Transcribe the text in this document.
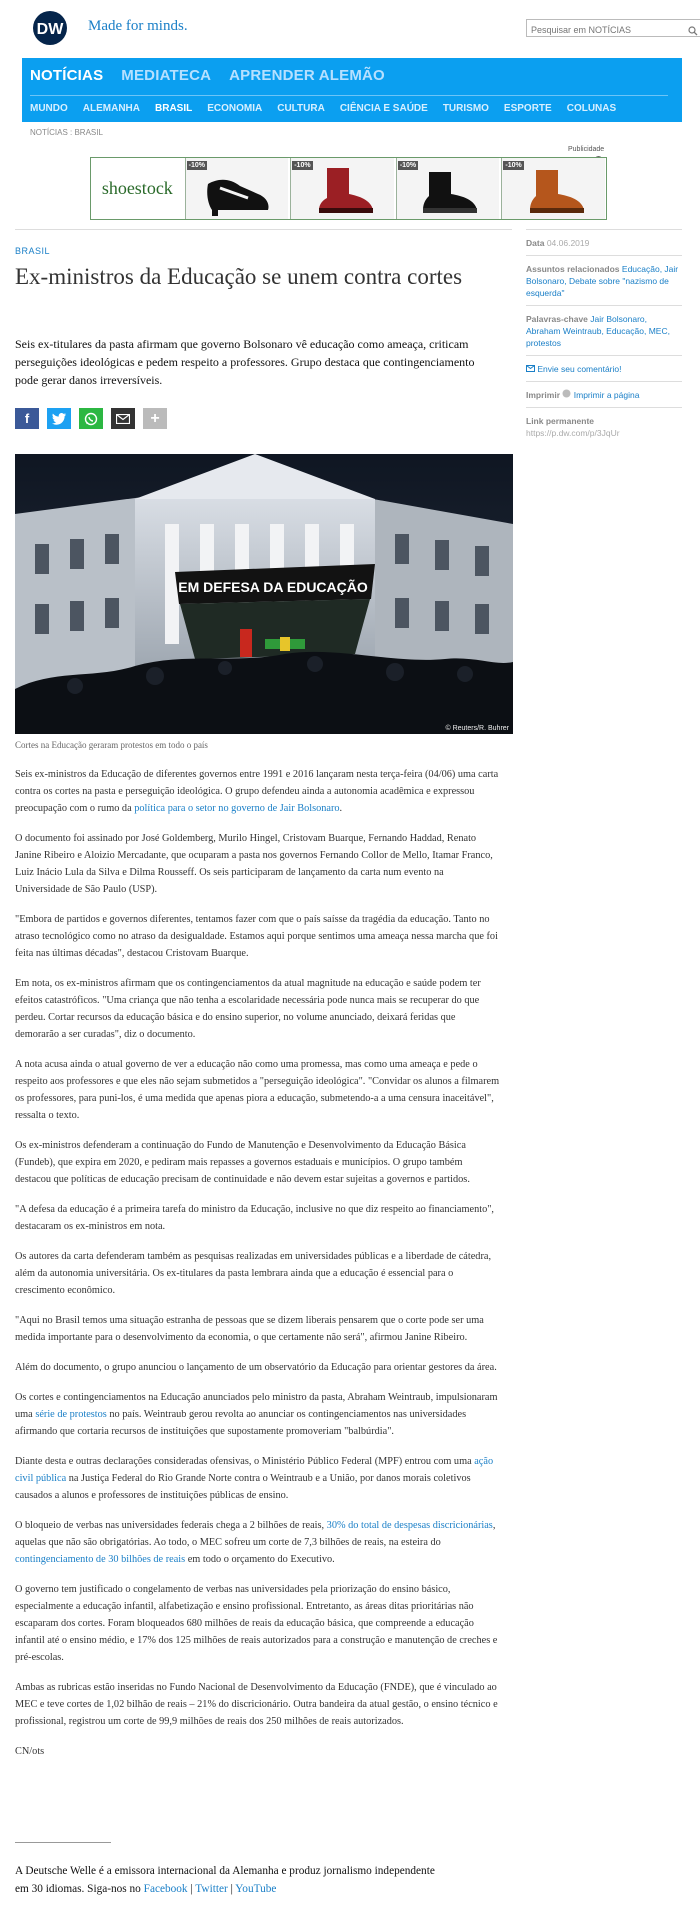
DW Made for minds.
Pesquisar em NOTÍCIAS
NOTÍCIAS MEDIATECA APRENDER ALEMÃO
MUNDO ALEMANHA BRASIL ECONOMIA CULTURA CIÊNCIA E SAÚDE TURISMO ESPORTE COLUNAS
NOTÍCIAS : BRASIL
Publicidade
shoestock
-10%	-10%	-10%	-10%
BRASIL
Ex-ministros da Educação se unem contra cortes
Seis ex-titulares da pasta afirmam que governo Bolsonaro vê educação como ameaça, criticam perseguições ideológicas e pedem respeito a professores. Grupo destaca que contingenciamento pode gerar danos irreversíveis.
f	+
EM DEFESA DA EDUCAÇÃO
© Reuters/R. Buhrer
Cortes na Educação geraram protestos em todo o país

Seis ex-ministros da Educação de diferentes governos entre 1991 e 2016 lançaram nesta terça-feira (04/06) uma carta contra os cortes na pasta e perseguição ideológica. O grupo defendeu ainda a autonomia acadêmica e expressou preocupação com o rumo da política para o setor no governo de Jair Bolsonaro.

O documento foi assinado por José Goldemberg, Murilo Hingel, Cristovam Buarque, Fernando Haddad, Renato Janine Ribeiro e Aloizio Mercadante, que ocuparam a pasta nos governos Fernando Collor de Mello, Itamar Franco, Luiz Inácio Lula da Silva e Dilma Rousseff. Os seis participaram de lançamento da carta num evento na Universidade de São Paulo (USP).

"Embora de partidos e governos diferentes, tentamos fazer com que o país saísse da tragédia da educação. Tanto no atraso tecnológico como no atraso da desigualdade. Estamos aqui porque sentimos uma ameaça nessa marcha que foi feita nas últimas décadas", destacou Cristovam Buarque.

Em nota, os ex-ministros afirmam que os contingenciamentos da atual magnitude na educação e saúde podem ter efeitos catastróficos. "Uma criança que não tenha a escolaridade necessária pode nunca mais se recuperar do que perdeu. Cortar recursos da educação básica e do ensino superior, no volume anunciado, deixará feridas que demorarão a ser curadas", diz o documento.

A nota acusa ainda o atual governo de ver a educação não como uma promessa, mas como uma ameaça e pede o respeito aos professores e que eles não sejam submetidos a "perseguição ideológica". "Convidar os alunos a filmarem os professores, para puni-los, é uma medida que apenas piora a educação, submetendo-a a uma censura inaceitável", ressalta o texto.

Os ex-ministros defenderam a continuação do Fundo de Manutenção e Desenvolvimento da Educação Básica (Fundeb), que expira em 2020, e pediram mais repasses a governos estaduais e municípios. O grupo também destacou que políticas de educação precisam de continuidade e não devem estar sujeitas a governos e partidos.

"A defesa da educação é a primeira tarefa do ministro da Educação, inclusive no que diz respeito ao financiamento", destacaram os ex-ministros em nota.

Os autores da carta defenderam também as pesquisas realizadas em universidades públicas e a liberdade de cátedra, além da autonomia universitária. Os ex-titulares da pasta lembrara ainda que a educação é essencial para o crescimento econômico.

"Aqui no Brasil temos uma situação estranha de pessoas que se dizem liberais pensarem que o corte pode ser uma medida importante para o desenvolvimento da economia, o que certamente não será", afirmou Janine Ribeiro.

Além do documento, o grupo anunciou o lançamento de um observatório da Educação para orientar gestores da área.

Os cortes e contingenciamentos na Educação anunciados pelo ministro da pasta, Abraham Weintraub, impulsionaram uma série de protestos no país. Weintraub gerou revolta ao anunciar os contingenciamentos nas universidades afirmando que cortaria recursos de instituições que supostamente promoveriam "balbúrdia".

Diante desta e outras declarações consideradas ofensivas, o Ministério Público Federal (MPF) entrou com uma ação civil pública na Justiça Federal do Rio Grande Norte contra o Weintraub e a União, por danos morais coletivos causados a alunos e professores de instituições públicas de ensino.

O bloqueio de verbas nas universidades federais chega a 2 bilhões de reais, 30% do total de despesas discricionárias, aquelas que não são obrigatórias. Ao todo, o MEC sofreu um corte de 7,3 bilhões de reais, na esteira do contingenciamento de 30 bilhões de reais em todo o orçamento do Executivo.

O governo tem justificado o congelamento de verbas nas universidades pela priorização do ensino básico, especialmente a educação infantil, alfabetização e ensino profissional. Entretanto, as áreas ditas prioritárias não escaparam dos cortes. Foram bloqueados 680 milhões de reais da educação básica, que compreende a educação infantil até o ensino médio, e 17% dos 125 milhões de reais autorizados para a construção e manutenção de creches e pré-escolas.

Ambas as rubricas estão inseridas no Fundo Nacional de Desenvolvimento da Educação (FNDE), que é vinculado ao MEC e teve cortes de 1,02 bilhão de reais – 21% do discricionário. Outra bandeira da atual gestão, o ensino técnico e profissional, registrou um corte de 99,9 milhões de reais dos 250 milhões de reais autorizados.

CN/ots

A Deutsche Welle é a emissora internacional da Alemanha e produz jornalismo independente em 30 idiomas. Siga-nos no Facebook | Twitter | YouTube
Data 04.06.2019
Assuntos relacionados Educação, Jair Bolsonaro, Debate sobre "nazismo de esquerda"
Palavras-chave Jair Bolsonaro, Abraham Weintraub, Educação, MEC, protestos
Envie seu comentário!
Imprimir Imprimir a página
Link permanente
https://p.dw.com/p/3JqUr
